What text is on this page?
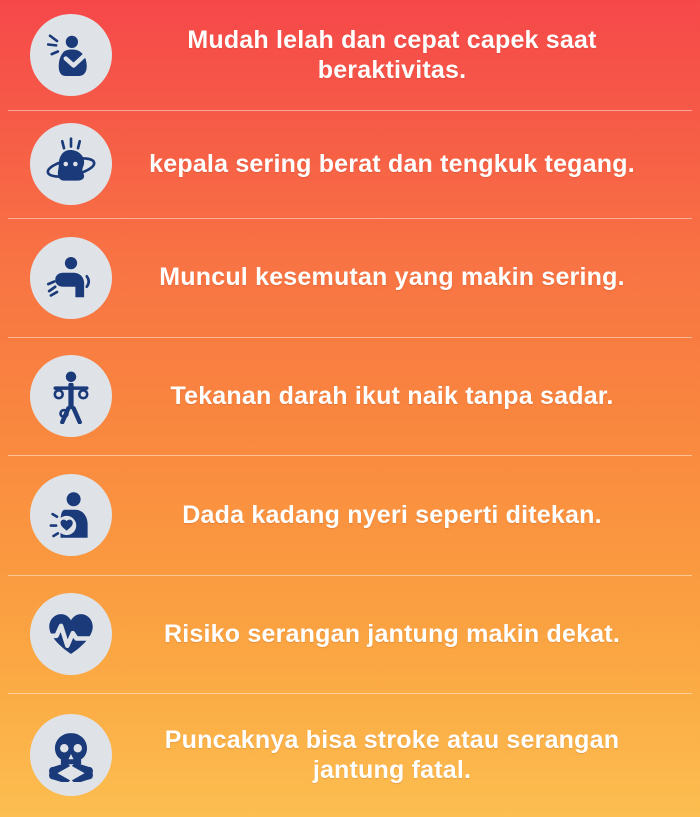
Mudah lelah dan cepat capek saat beraktivitas.
kepala sering berat dan tengkuk tegang.
Muncul kesemutan yang makin sering.
Tekanan darah ikut naik tanpa sadar.
Dada kadang nyeri seperti ditekan.
Risiko serangan jantung makin dekat.
Puncaknya bisa stroke atau serangan jantung fatal.
